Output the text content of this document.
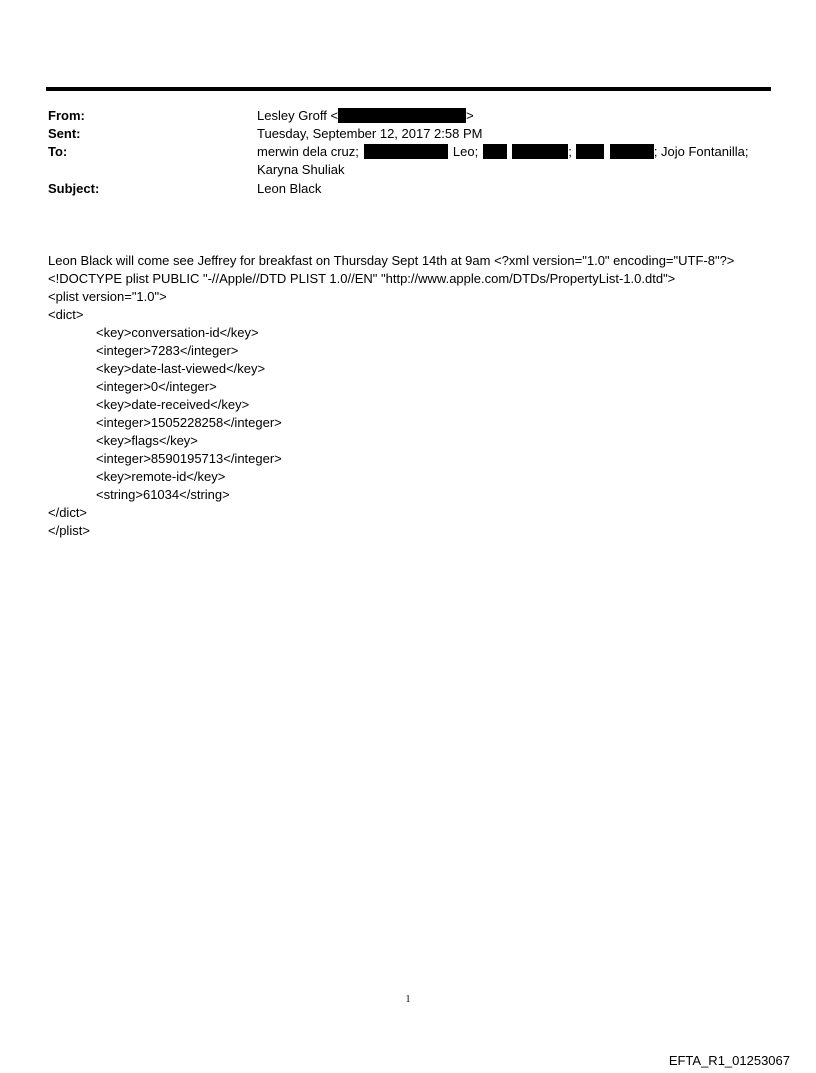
From:	Lesley Groff <	>
Sent:	Tuesday, September 12, 2017 2:58 PM
To:	merwin dela cruz;	Leo;	;	; Jojo Fontanilla;
Karyna Shuliak
Subject:	Leon Black

Leon Black will come see Jeffrey for breakfast on Thursday Sept 14th at 9am <?xml version="1.0" encoding="UTF-8"?>
<!DOCTYPE plist PUBLIC "-//Apple//DTD PLIST 1.0//EN" "http://www.apple.com/DTDs/PropertyList-1.0.dtd">
<plist version="1.0">
<dict>
<key>conversation-id</key>
<integer>7283</integer>
<key>date-last-viewed</key>
<integer>0</integer>
<key>date-received</key>
<integer>1505228258</integer>
<key>flags</key>
<integer>8590195713</integer>
<key>remote-id</key>
<string>61034</string>
</dict>
</plist>

1
EFTA_R1_01253067
